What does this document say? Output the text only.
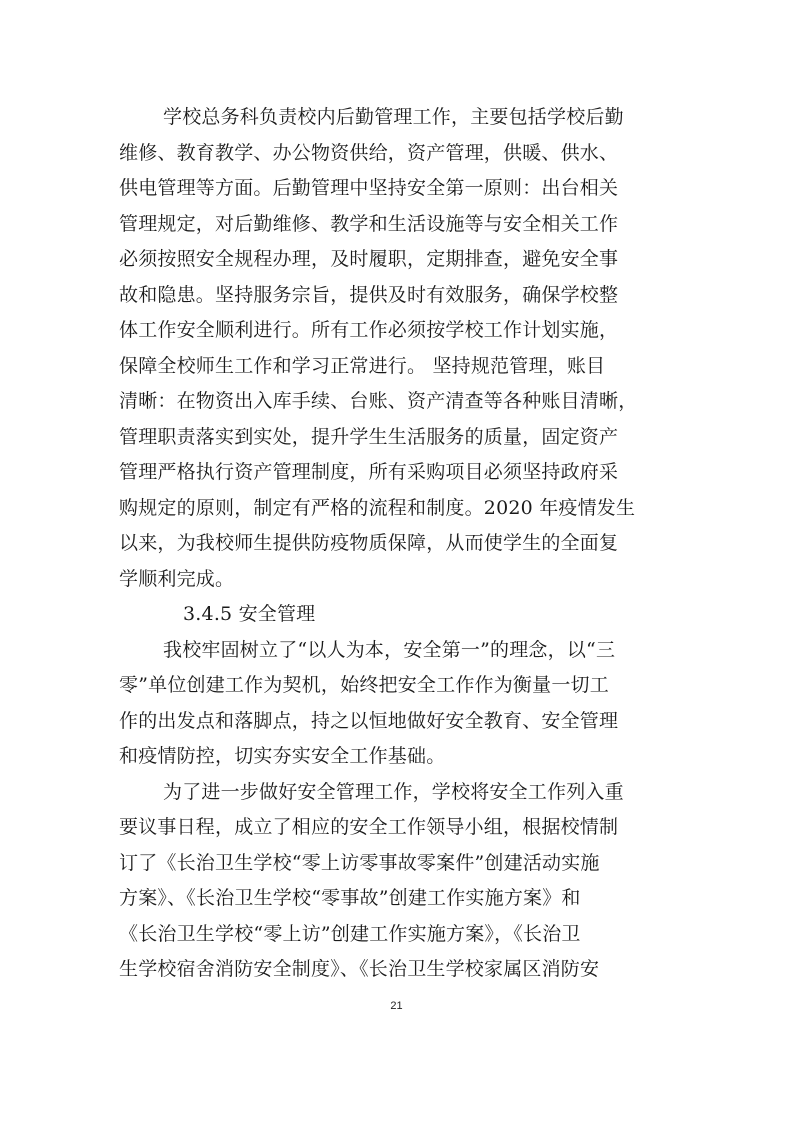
学校总务科负责校内后勤管理工作，主要包括学校后勤
维修、教育教学、办公物资供给，资产管理，供暖、供水、
供电管理等方面。后勤管理中坚持安全第一原则：出台相关
管理规定，对后勤维修、教学和生活设施等与安全相关工作
必须按照安全规程办理，及时履职，定期排查，避免安全事
故和隐患。坚持服务宗旨，提供及时有效服务，确保学校整
体工作安全顺利进行。所有工作必须按学校工作计划实施，
保障全校师生工作和学习正常进行。 坚持规范管理，账目
清晰：在物资出入库手续、台账、资产清查等各种账目清晰，
管理职责落实到实处，提升学生生活服务的质量，固定资产
管理严格执行资产管理制度，所有采购项目必须坚持政府采
购规定的原则，制定有严格的流程和制度。2020 年疫情发生
以来，为我校师生提供防疫物质保障，从而使学生的全面复
学顺利完成。
3.4.5 安全管理
我校牢固树立了“以人为本，安全第一”的理念，以“三
零”单位创建工作为契机，始终把安全工作作为衡量一切工
作的出发点和落脚点，持之以恒地做好安全教育、安全管理
和疫情防控，切实夯实安全工作基础。
为了进一步做好安全管理工作，学校将安全工作列入重
要议事日程，成立了相应的安全工作领导小组，根据校情制
订了《长治卫生学校“零上访零事故零案件”创建活动实施
方案》、《长治卫生学校“零事故”创建工作实施方案》和
《长治卫生学校“零上访”创建工作实施方案》，《长治卫
生学校宿舍消防安全制度》、《长治卫生学校家属区消防安
21
